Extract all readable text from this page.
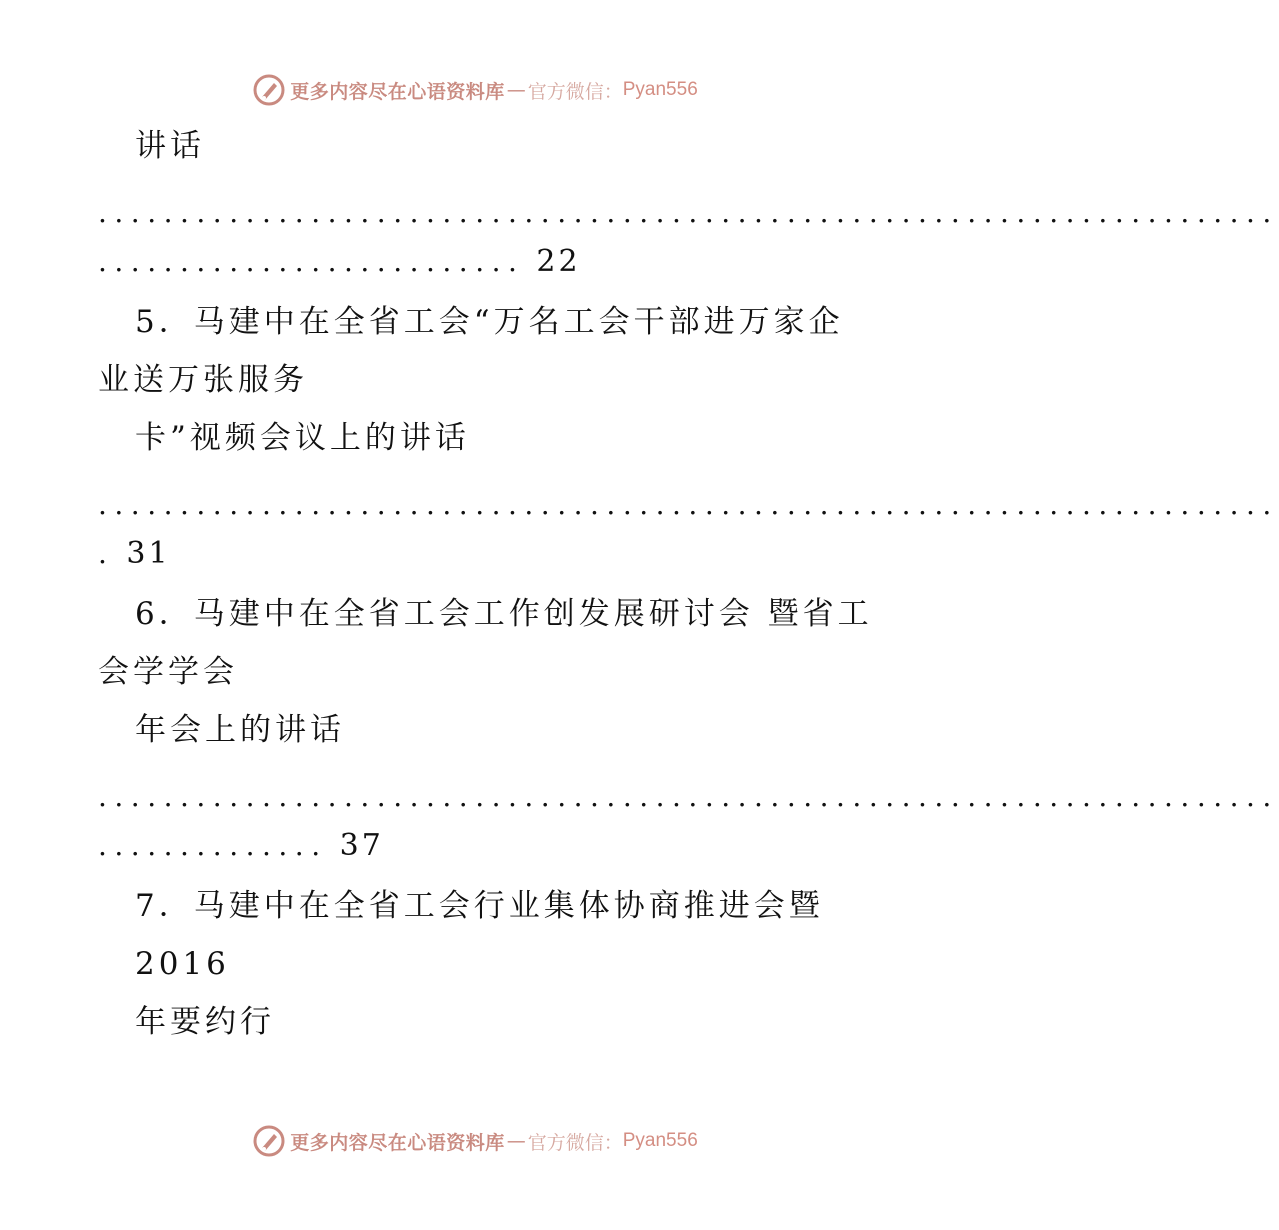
更多内容尽在心语资料库 — 官方微信： Pyan556
讲话
........................................................................
.......................... 22
5．马建中在全省工会“万名工会干部进万家企
业送万张服务
卡”视频会议上的讲话
........................................................................
. 31
6．马建中在全省工会工作创发展研讨会 暨省工
会学学会
年会上的讲话
........................................................................
.............. 37
7．马建中在全省工会行业集体协商推进会暨
2016
年要约行
更多内容尽在心语资料库 — 官方微信： Pyan556
